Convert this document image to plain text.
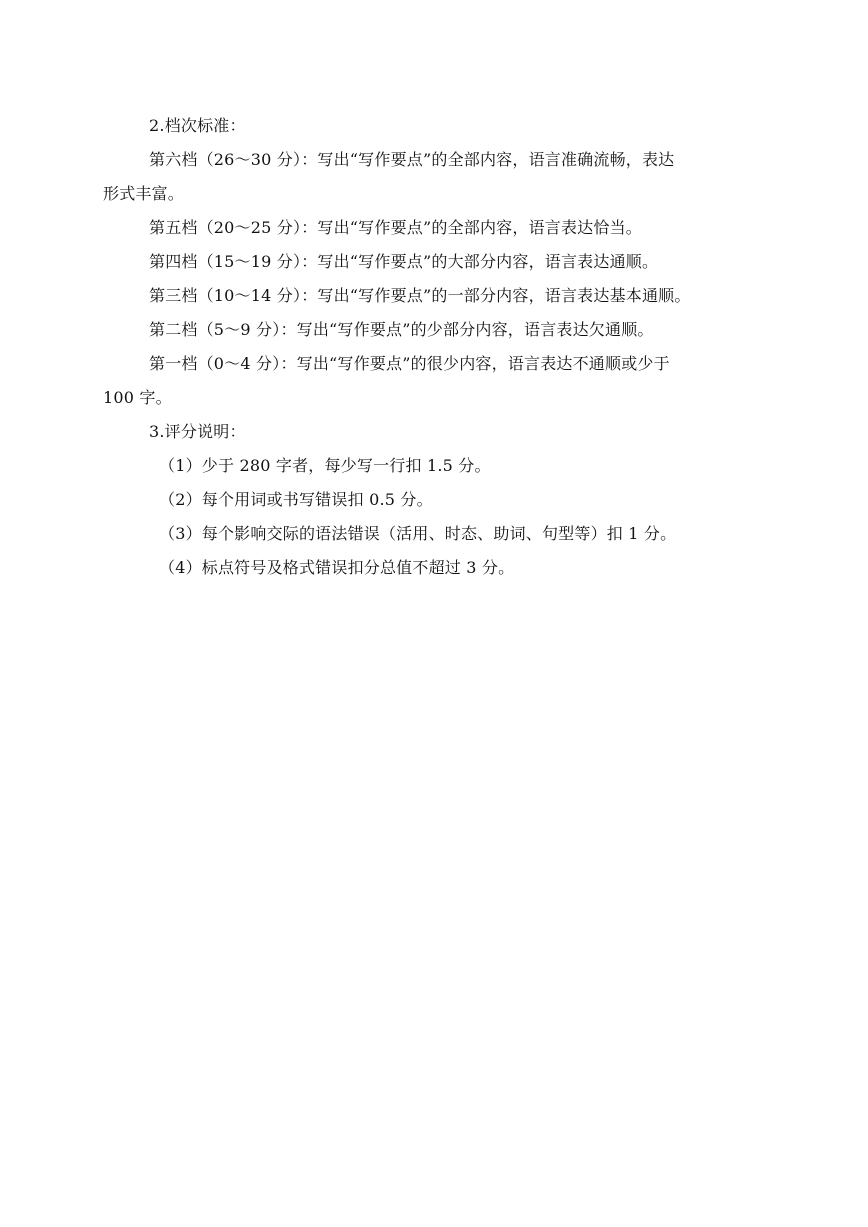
2.档次标准：
第六档（26～30 分）：写出“写作要点”的全部内容，语言准确流畅，表达
形式丰富。
第五档（20～25 分）：写出“写作要点”的全部内容，语言表达恰当。
第四档（15～19 分）：写出“写作要点”的大部分内容，语言表达通顺。
第三档（10～14 分）：写出“写作要点”的一部分内容，语言表达基本通顺。
第二档（5～9 分）：写出“写作要点”的少部分内容，语言表达欠通顺。
第一档（0～4 分）：写出“写作要点”的很少内容，语言表达不通顺或少于
100 字。
3.评分说明：
（1）少于 280 字者，每少写一行扣 1.5 分。
（2）每个用词或书写错误扣 0.5 分。
（3）每个影响交际的语法错误（活用、时态、助词、句型等）扣 1 分。
（4）标点符号及格式错误扣分总值不超过 3 分。
